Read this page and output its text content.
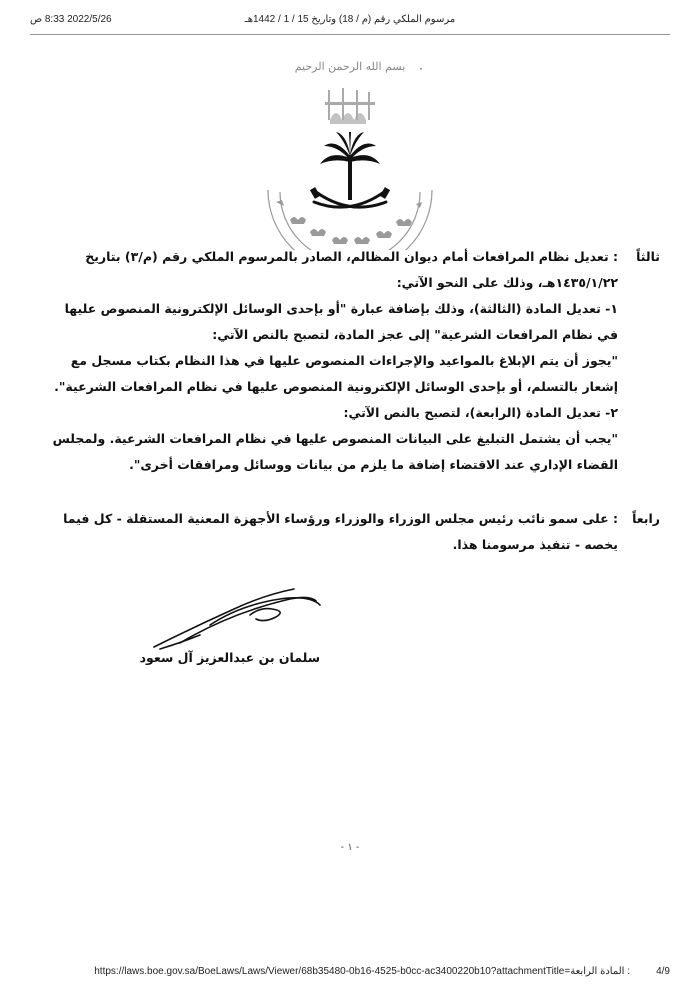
2022/5/26 8:33 ص	مرسوم الملكي رقم (م / 18) وتاريخ 15 / 1 / 1442هـ
بسم الله الرحمن الرحيم	٠
ثالثاً

: تعديل نظام المرافعات أمام ديوان المظالم، الصادر بالمرسوم الملكي رقم (م/٣) بتاريخ ١٤٣٥/١/٢٢هـ، وذلك على النحو الآتي:

١- تعديل المادة (الثالثة)، وذلك بإضافة عبارة "أو بإحدى الوسائل الإلكترونية المنصوص عليها في نظام المرافعات الشرعية" إلى عجز المادة، لتصبح بالنص الآتي:

"يجوز أن يتم الإبلاغ بالمواعيد والإجراءات المنصوص عليها في هذا النظام بكتاب مسجل مع إشعار بالتسلم، أو بإحدى الوسائل الإلكترونية المنصوص عليها في نظام المرافعات الشرعية".

٢- تعديل المادة (الرابعة)، لتصبح بالنص الآتي:

"يجب أن يشتمل التبليغ على البيانات المنصوص عليها في نظام المرافعات الشرعية. ولمجلس القضاء الإداري عند الاقتضاء إضافة ما يلزم من بيانات ووسائل ومرافقات أخرى".

رابعاً

: على سمو نائب رئيس مجلس الوزراء والوزراء ورؤساء الأجهزة المعنية المستقلة - كل فيما يخصه - تنفيذ مرسومنا هذا.

سلمان بن عبدالعزيز آل سعود
- ١ -
https://laws.boe.gov.sa/BoeLaws/Laws/Viewer/68b35480-0b16-4525-b0cc-ac3400220b10?attachmentTitle=المادة الرابعة :	4/9
